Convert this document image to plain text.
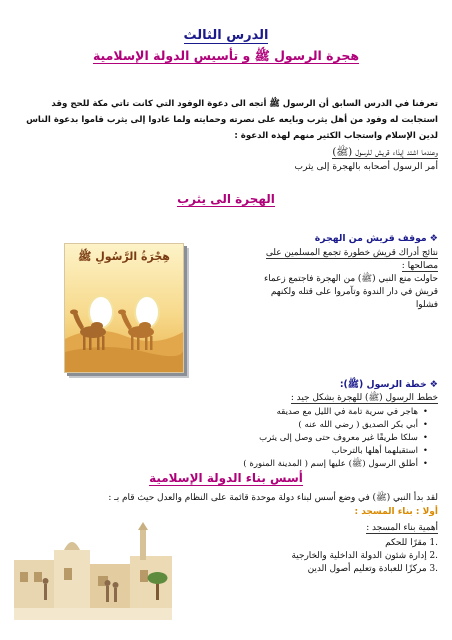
الدرس الثالث
هجرة الرسول ﷺ و تأسيس الدولة الإسلامية
تعرفنا في الدرس السابق أن الرسول ﷺ أتجه الى دعوة الوفود التي كانت تاتي مكة للحج وقد استجابت له وفود من أهل يثرب وبايعه على نصرته وحمايته ولما عادوا إلى يثرب قاموا بدعوة الناس لدين الإسلام واستجاب الكثير منهم لهذه الدعوة :
وعندما اشتد إيذاء قريش للرسول (ﷺ)
أمر الرسول أصحابه بالهجرة إلى يثرب
الهجرة الى يثرب
❖موقف قريش من الهجرة
نتائج أدراك قريش خطورة تجمع المسلمين على
مصالحها :
حاولت منع النبي (ﷺ) من الهجرة فاجتمع زعماء
قريش في دار الندوة وتآمروا على قتله ولكنهم
فشلوا
هِجْرَةُ الرَّسُولِ ﷺ
❖خطة الرسول (ﷺ):
خطط الرسول (ﷺ) للهجرة بشكل جيد :
• هاجر في سرية تامة في الليل مع صديقه
• أبي بكر الصديق ( رضي الله عنه )
• سلكا طريقًا غير معروف حتى وصل إلى يثرب
• استقبلهما أهلها بالترحاب
• أطلق الرسول (ﷺ) عليها إسم ( المدينة المنورة )
أسس بناء الدولة الإسلامية
لقد بدأ النبي (ﷺ) في وضع أسس لبناء دولة موحدة قائمة على النظام والعدل حيث قام بـ :
أولا : بناء المسجد :
أهمية بناء المسجد :
.1 مقرًا للحكم
.2 إدارة شئون الدولة الداخلية والخارجية
.3 مركزًا للعبادة وتعليم أصول الدين
